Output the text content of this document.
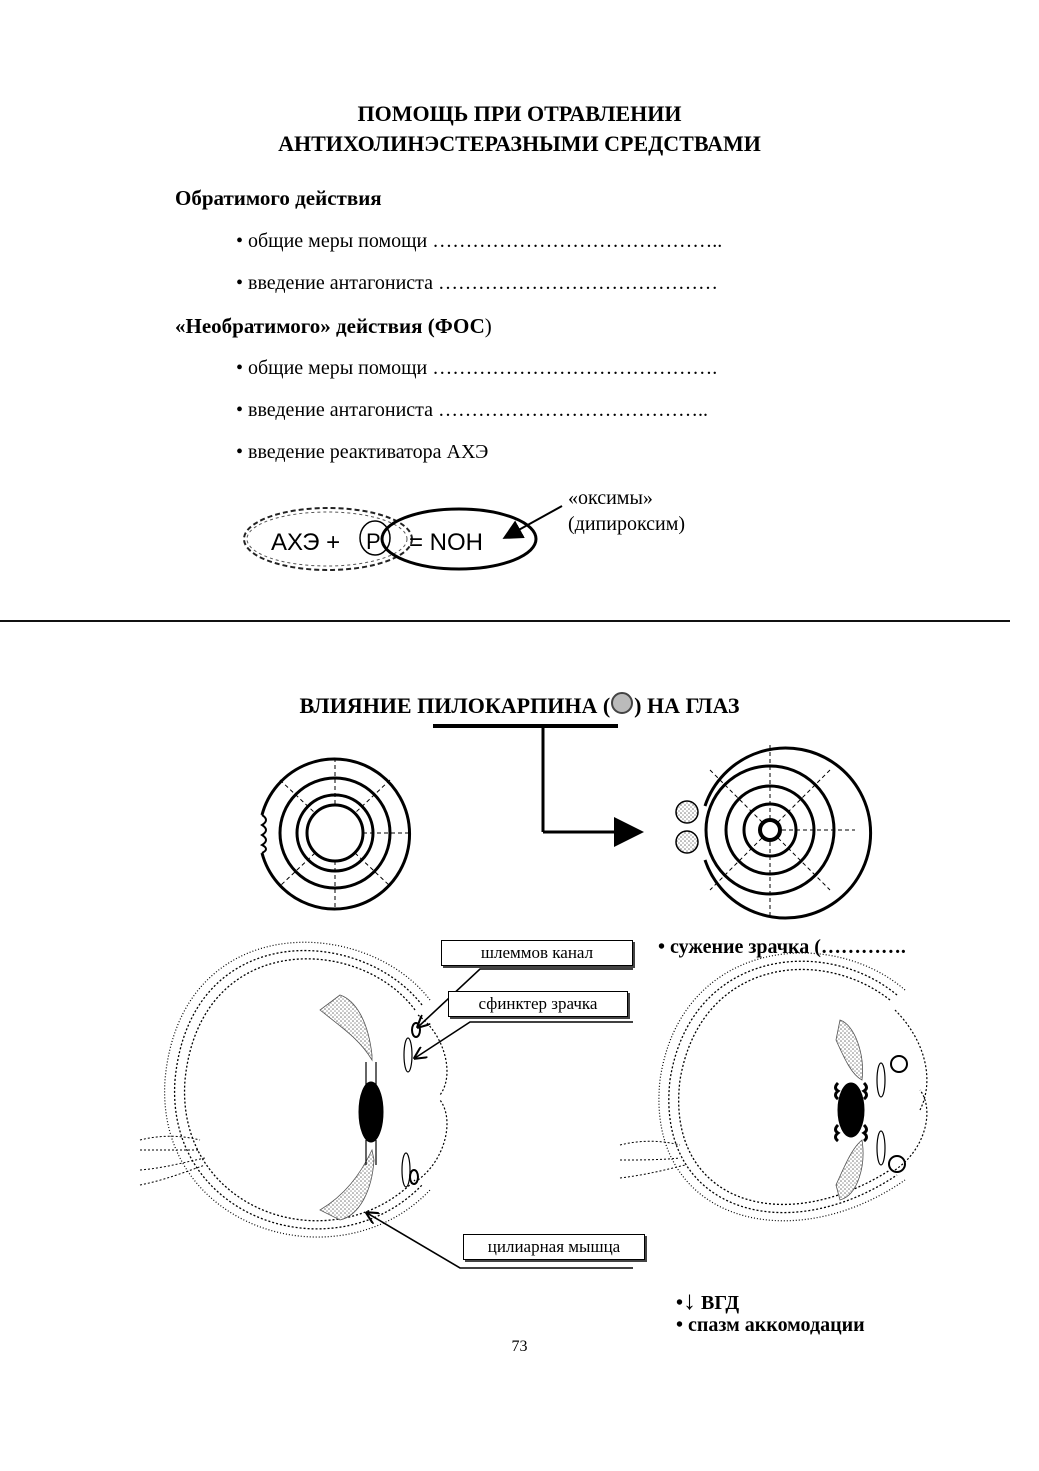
ПОМОЩЬ ПРИ ОТРАВЛЕНИИ
АНТИХОЛИНЭСТЕРАЗНЫМИ СРЕДСТВАМИ
Обратимого действия
• общие меры помощи ……………………………………..
• введение антагониста ……………………………………
«Необратимого» действия (ФОС)
• общие меры помощи …………………………………….
• введение антагониста …………………………………..
• введение реактиватора АХЭ
«оксимы»
(дипироксим)
АХЭ + P = NOH
ВЛИЯНИЕ ПИЛОКАРПИНА ( ) НА ГЛАЗ
шлеммов канал
сфинктер зрачка
цилиарная мышца
• сужение зрачка (………….
•↓ ВГД
• спазм аккомодации
73
